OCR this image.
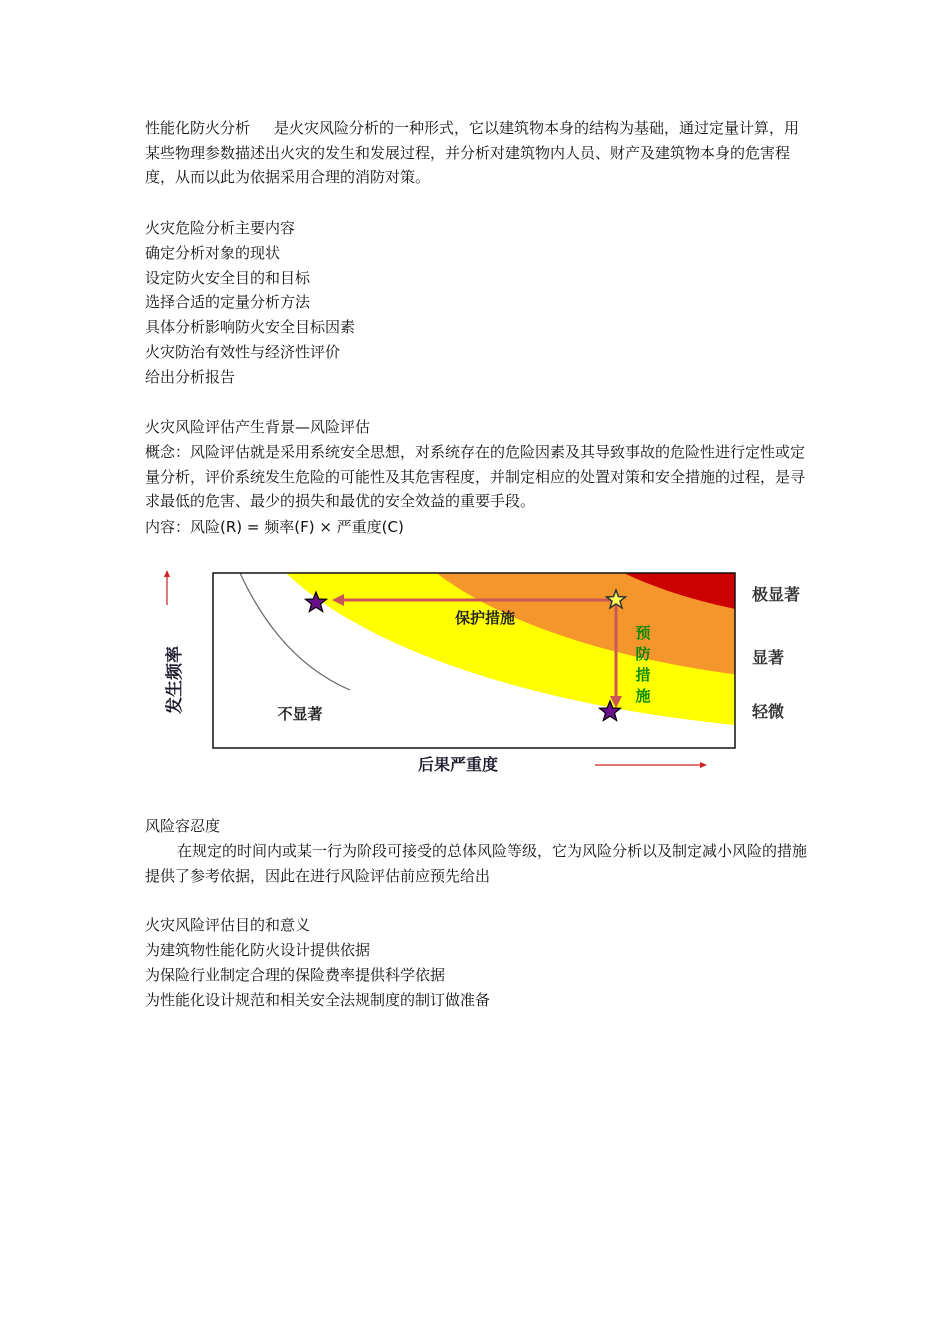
性能化防火分析 是火灾风险分析的一种形式，它以建筑物本身的结构为基础，通过定量计算，用某些物理参数描述出火灾的发生和发展过程，并分析对建筑物内人员、财产及建筑物本身的危害程度，从而以此为依据采用合理的消防对策。

火灾危险分析主要内容
确定分析对象的现状
设定防火安全目的和目标
选择合适的定量分析方法
具体分析影响防火安全目标因素
火灾防治有效性与经济性评价
给出分析报告
火灾风险评估产生背景—风险评估

概念：风险评估就是采用系统安全思想，对系统存在的危险因素及其导致事故的危险性进行定性或定量分析，评价系统发生危险的可能性及其危害程度，并制定相应的处置对策和安全措施的过程，是寻求最低的危害、最少的损失和最优的安全效益的重要手段。

内容：风险(R) = 频率(F) × 严重度(C)
保护措施
预防措施
不显著
极显著
显著
轻微
发生频率
后果严重度
风险容忍度

在规定的时间内或某一行为阶段可接受的总体风险等级，它为风险分析以及制定减小风险的措施提供了参考依据，因此在进行风险评估前应预先给出

火灾风险评估目的和意义
为建筑物性能化防火设计提供依据
为保险行业制定合理的保险费率提供科学依据
为性能化设计规范和相关安全法规制度的制订做准备
